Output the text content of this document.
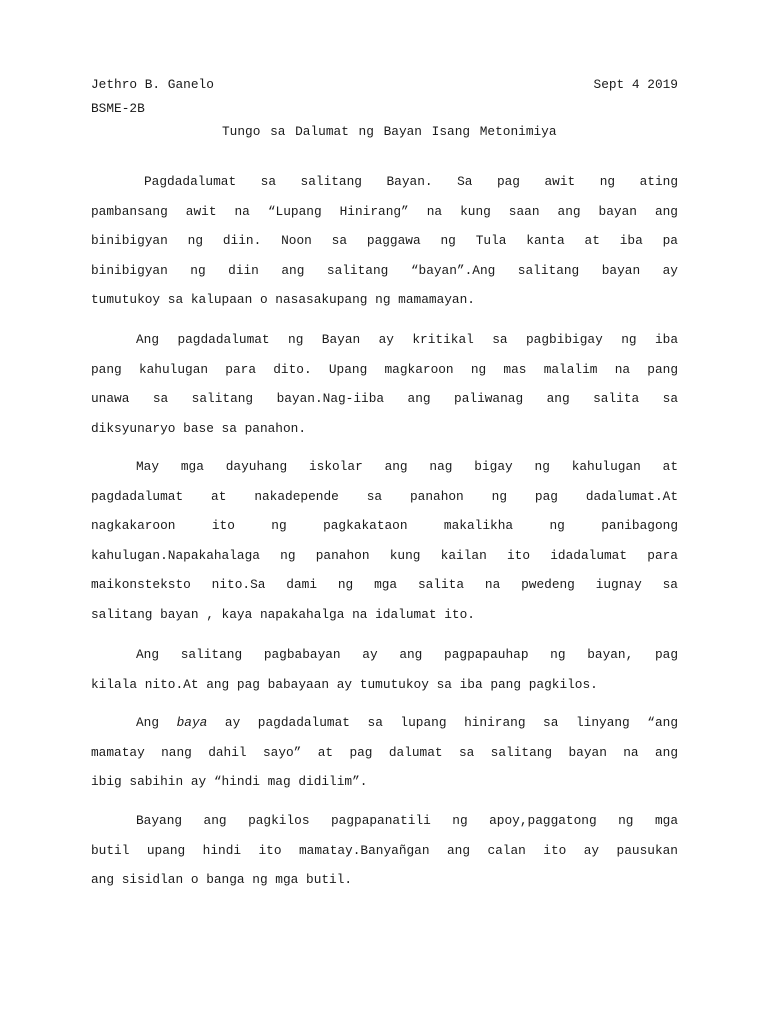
Jethro B. Ganelo	Sept 4 2019
BSME-2B
Tungo sa Dalumat ng Bayan Isang Metonimiya
Pagdadalumat sa salitang Bayan. Sa pag awit ng ating
pambansang awit na “Lupang Hinirang” na kung saan ang bayan ang
binibigyan ng diin. Noon sa paggawa ng Tula kanta at iba pa
binibigyan ng diin ang salitang “bayan”.Ang salitang bayan ay
tumutukoy sa kalupaan o nasasakupang ng mamamayan.
Ang pagdadalumat ng Bayan ay kritikal sa pagbibigay ng iba
pang kahulugan para dito. Upang magkaroon ng mas malalim na pang
unawa sa salitang bayan.Nag-iiba ang paliwanag ang salita sa
diksyunaryo base sa panahon.
May mga dayuhang iskolar ang nag bigay ng kahulugan at
pagdadalumat at nakadepende sa panahon ng pag dadalumat.At
nagkakaroon ito ng pagkakataon makalikha ng panibagong
kahulugan.Napakahalaga ng panahon kung kailan ito idadalumat para
maikonsteksto nito.Sa dami ng mga salita na pwedeng iugnay sa
salitang bayan , kaya napakahalga na idalumat ito.
Ang salitang pagbabayan ay ang pagpapauhap ng bayan, pag
kilala nito.At ang pag babayaan ay tumutukoy sa iba pang pagkilos.
Ang baya ay pagdadalumat sa lupang hinirang sa linyang “ang
mamatay nang dahil sayo” at pag dalumat sa salitang bayan na ang
ibig sabihin ay “hindi mag didilim”.
Bayang ang pagkilos pagpapanatili ng apoy,paggatong ng mga
butil upang hindi ito mamatay.Banyañgan ang calan ito ay pausukan
ang sisidlan o banga ng mga butil.
